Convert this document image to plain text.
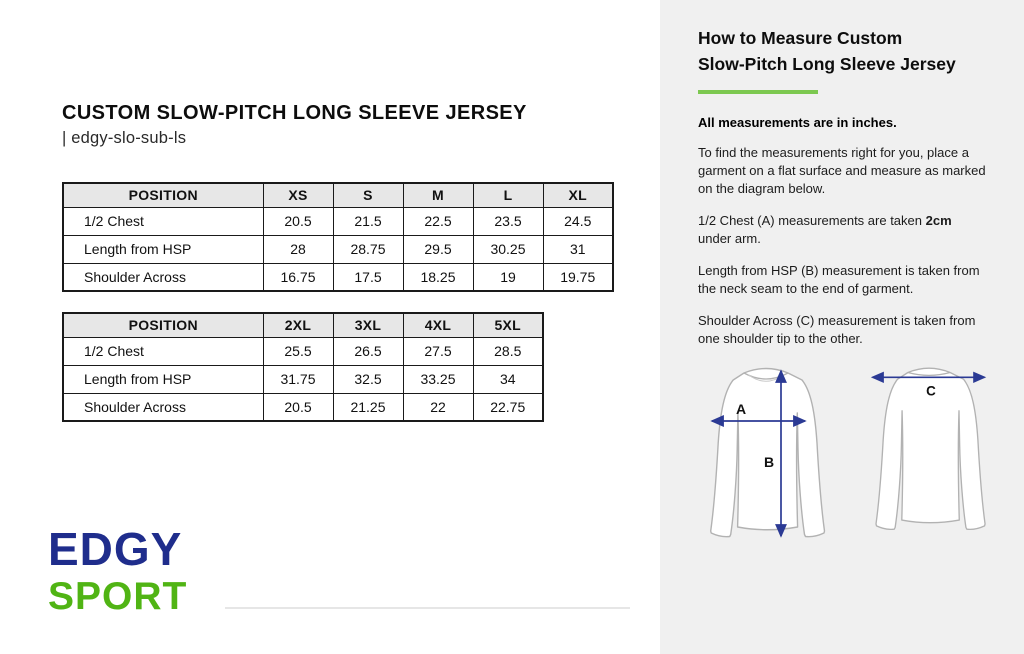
CUSTOM SLOW-PITCH LONG SLEEVE JERSEY
| edgy-slo-sub-ls
POSITION	XS	S	M	L	XL
1/2 Chest	20.5	21.5	22.5	23.5	24.5
Length from HSP	28	28.75	29.5	30.25	31
Shoulder Across	16.75	17.5	18.25	19	19.75
POSITION	2XL	3XL	4XL	5XL
1/2 Chest	25.5	26.5	27.5	28.5
Length from HSP	31.75	32.5	33.25	34
Shoulder Across	20.5	21.25	22	22.75
EDGY
SPORT
How to Measure Custom
Slow-Pitch Long Sleeve Jersey
All measurements are in inches.

To find the measurements right for you, place a garment on a flat surface and measure as marked on the diagram below.

1/2 Chest (A) measurements are taken 2cm under arm.

Length from HSP (B) measurement is taken from the neck seam to the end of garment.

Shoulder Across (C) measurement is taken from one shoulder tip to the other.

A
B
C
